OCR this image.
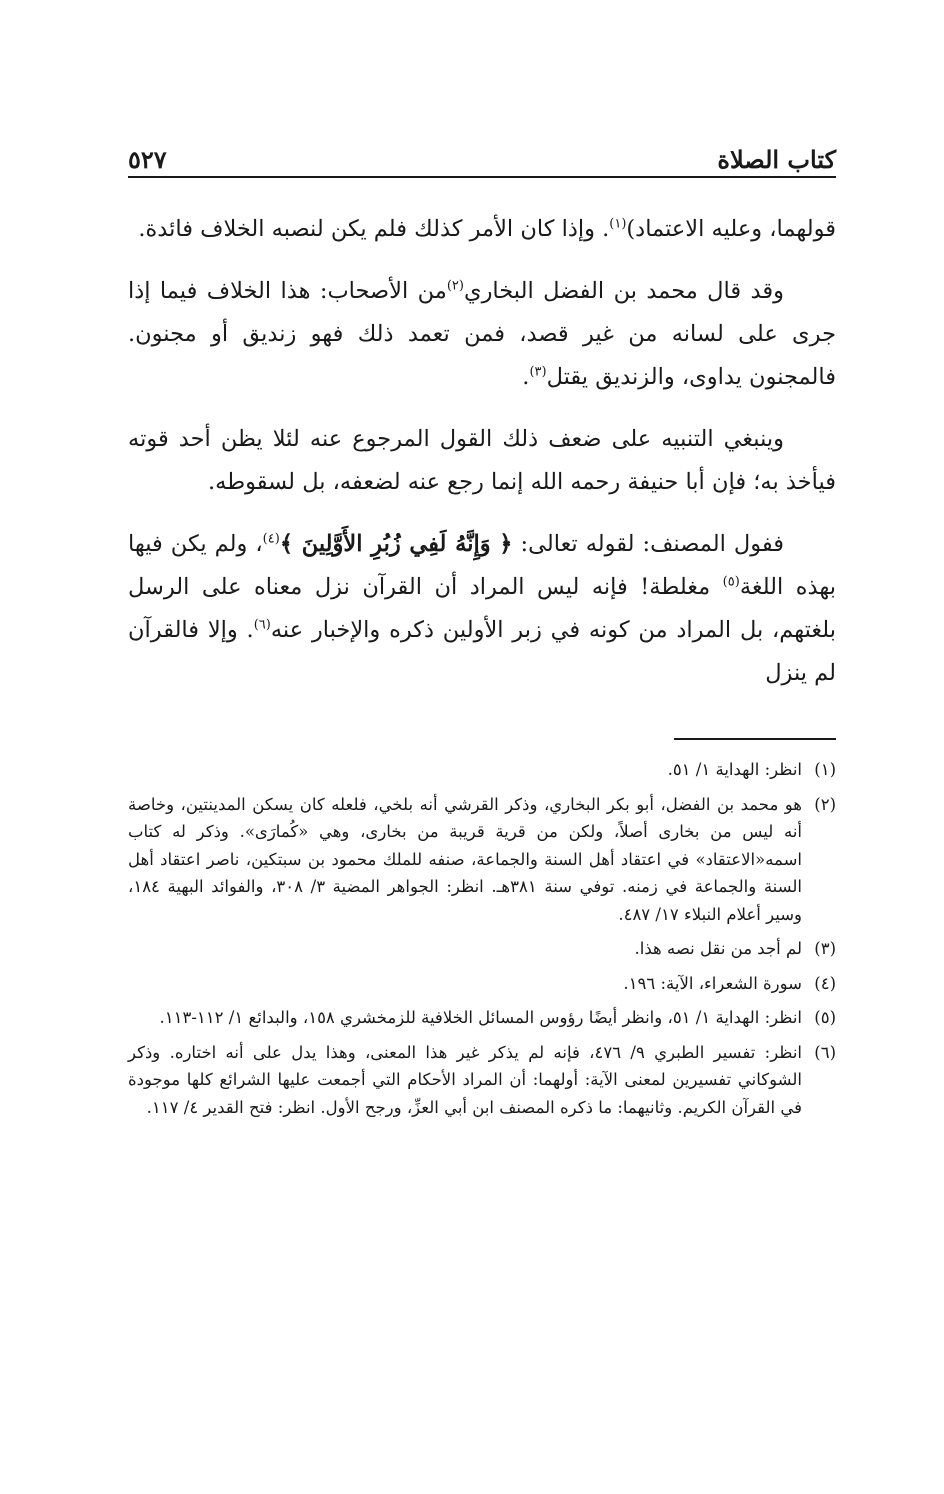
كتاب الصلاة
٥٢٧

قولهما، وعليه الاعتماد)$^{(١)}$. وإذا كان الأمر كذلك فلم يكن لنصبه الخلاف فائدة.

وقد قال محمد بن الفضل البخاري$^{(٢)}$من الأصحاب: هذا الخلاف فيما إذا جرى على لسانه من غير قصد، فمن تعمد ذلك فهو زنديق أو مجنون. فالمجنون يداوى، والزنديق يقتل$^{(٣)}$.

وينبغي التنبيه على ضعف ذلك القول المرجوع عنه لئلا يظن أحد قوته فيأخذ به؛ فإن أبا حنيفة رحمه الله إنما رجع عنه لضعفه، بل لسقوطه.

ففول المصنف: لقوله تعالى: ﴿ وَإِنَّهُ لَفِي زُبُرِ الأَوَّلِينَ ﴾$^{(٤)}$، ولم يكن فيها بهذه اللغة$^{(٥)}$ مغلطة! فإنه ليس المراد أن القرآن نزل معناه على الرسل بلغتهم، بل المراد من كونه في زبر الأولين ذكره والإخبار عنه$^{(٦)}$. وإلا فالقرآن لم ينزل

(١)
انظر: الهداية ١/ ٥١.
(٢)
هو محمد بن الفضل، أبو بكر البخاري، وذكر القرشي أنه بلخي، فلعله كان يسكن المدينتين، وخاصة أنه ليس من بخارى أصلاً، ولكن من قرية قريبة من بخارى، وهي «كُمارَى». وذكر له كتاب اسمه«الاعتقاد» في اعتقاد أهل السنة والجماعة، صنفه للملك محمود بن سبتكين، ناصر اعتقاد أهل السنة والجماعة في زمنه. توفي سنة ٣٨١هـ. انظر: الجواهر المضية ٣/ ٣٠٨، والفوائد البهية ١٨٤، وسير أعلام النبلاء ١٧/ ٤٨٧.
(٣)
لم أجد من نقل نصه هذا.
(٤)
سورة الشعراء، الآية: ١٩٦.
(٥)
انظر: الهداية ١/ ٥١، وانظر أيضًا رؤوس المسائل الخلافية للزمخشري ١٥٨، والبدائع ١/ ١١٢-١١٣.
(٦)
انظر: تفسير الطبري ٩/ ٤٧٦، فإنه لم يذكر غير هذا المعنى، وهذا يدل على أنه اختاره. وذكر الشوكاني تفسيرين لمعنى الآية: أولهما: أن المراد الأحكام التي أجمعت عليها الشرائع كلها موجودة في القرآن الكريم. وثانيهما: ما ذكره المصنف ابن أبي العزِّ، ورجح الأول. انظر: فتح القدير ٤/ ١١٧.
